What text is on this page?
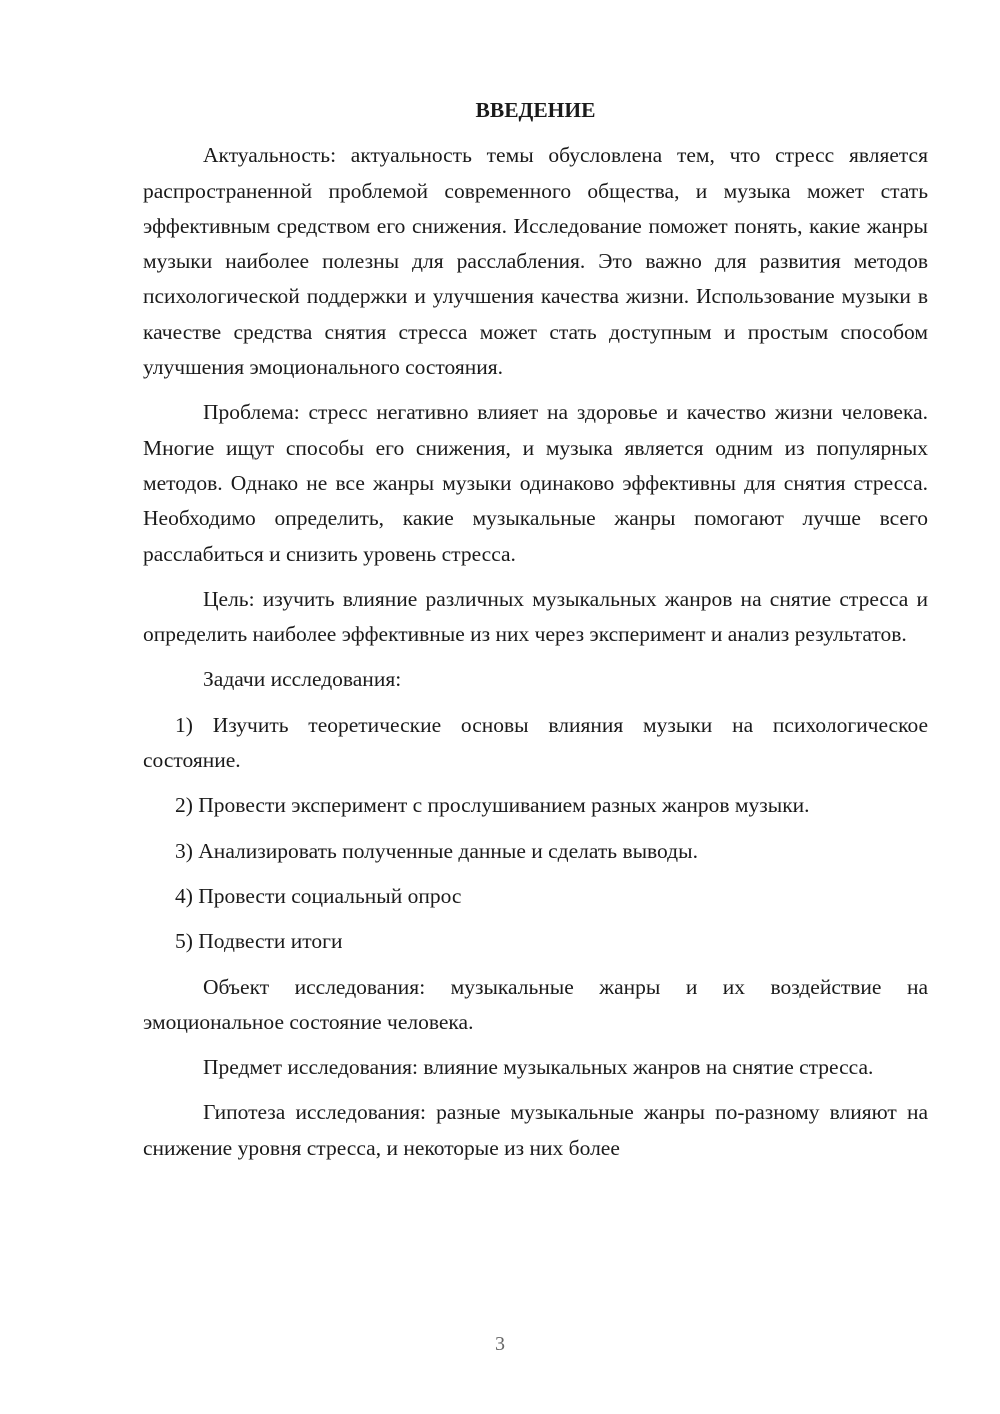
ВВЕДЕНИЕ

Актуальность: актуальность темы обусловлена тем, что стресс является распространенной проблемой современного общества, и музыка может стать эффективным средством его снижения. Исследование поможет понять, какие жанры музыки наиболее полезны для расслабления. Это важно для развития методов психологической поддержки и улучшения качества жизни. Использование музыки в качестве средства снятия стресса может стать доступным и простым способом улучшения эмоционального состояния.

Проблема: стресс негативно влияет на здоровье и качество жизни человека. Многие ищут способы его снижения, и музыка является одним из популярных методов. Однако не все жанры музыки одинаково эффективны для снятия стресса. Необходимо определить, какие музыкальные жанры помогают лучше всего расслабиться и снизить уровень стресса.

Цель: изучить влияние различных музыкальных жанров на снятие стресса и определить наиболее эффективные из них через эксперимент и анализ результатов.

Задачи исследования:

1) Изучить теоретические основы влияния музыки на психологическое состояние.

2) Провести эксперимент с прослушиванием разных жанров музыки.

3) Анализировать полученные данные и сделать выводы.

4) Провести социальный опрос

5) Подвести итоги

Объект исследования: музыкальные жанры и их воздействие на эмоциональное состояние человека.

Предмет исследования: влияние музыкальных жанров на снятие стресса.

Гипотеза исследования: разные музыкальные жанры по-разному влияют на снижение уровня стресса, и некоторые из них более

3
